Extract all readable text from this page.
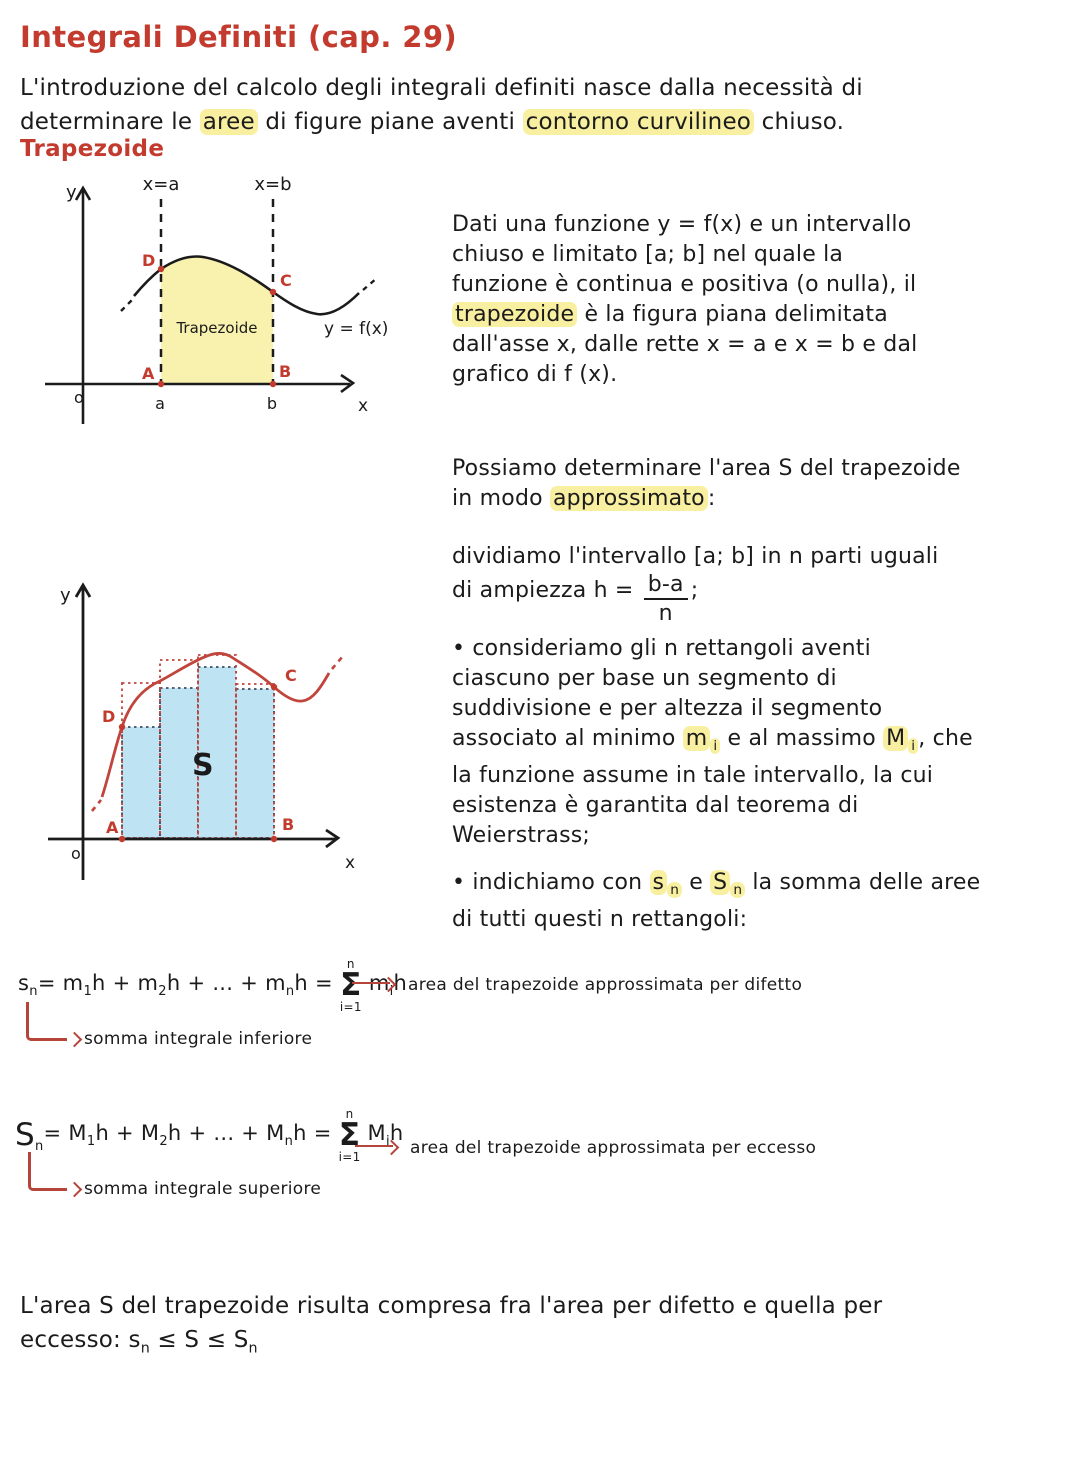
Integrali Definiti (cap. 29)

L'introduzione del calcolo degli integrali definiti nasce dalla necessità di
determinare le aree di figure piane aventi contorno curvilineo chiuso.

Trapezoide
y	x=a	x=b
o	a	b	x
A	B
D
C
Trapezoide	y = f(x)

Dati una funzione y = f(x) e un intervallo
chiuso e limitato [a; b] nel quale la
funzione è continua e positiva (o nulla), il
trapezoide è la figura piana delimitata
dall'asse x, dalle rette x = a e x = b e dal
grafico di f (x).

Possiamo determinare l'area S del trapezoide
in modo approssimato :

dividiamo l'intervallo [a; b] in n parti uguali
di ampiezza $h = \frac{b-a}{n}$ ;

• consideriamo gli n rettangoli aventi
ciascuno per base un segmento di
suddivisione e per altezza il segmento
associato al minimo m $_i$ e al massimo M $_i$ , che
la funzione assume in tale intervallo, la cui
esistenza è garantita dal teorema di
Weierstrass;

• indichiamo con s $_n$ e S $_n$ la somma delle aree
di tutti questi n rettangoli:

y
o	x
A	B
D
C
S
$s_n = m_1h + m_2h$ + ... + $m_nh$ =
n
Σ
i=1
$m_ih$ area del trapezoide approssimata per difetto
somma integrale inferiore
$S_n$
= $M_1h + M_2h$ + ... + $M_nh$ =
n
Σ
i=1
$M_ih$
area del trapezoide approssimata per eccesso
somma integrale superiore

L'area S del trapezoide risulta compresa fra l'area per difetto e quella per
eccesso: $s_n \le S \le S_n$
